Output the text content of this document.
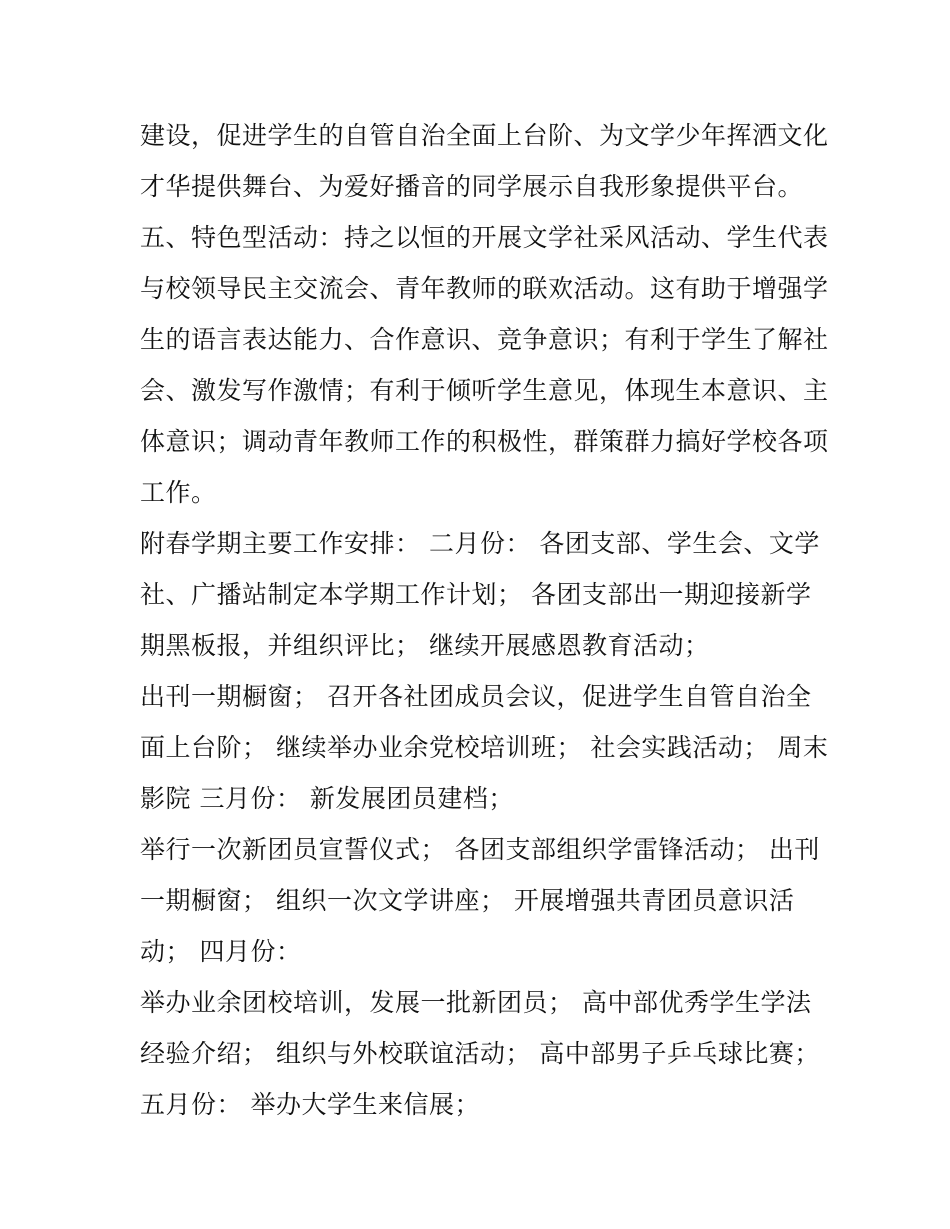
建设，促进学生的自管自治全面上台阶、为文学少年挥洒文化
才华提供舞台、为爱好播音的同学展示自我形象提供平台。
五、特色型活动：持之以恒的开展文学社采风活动、学生代表
与校领导民主交流会、青年教师的联欢活动。这有助于增强学
生的语言表达能力、合作意识、竞争意识；有利于学生了解社
会、激发写作激情；有利于倾听学生意见，体现生本意识、主
体意识；调动青年教师工作的积极性，群策群力搞好学校各项
工作。
附春学期主要工作安排： 二月份： 各团支部、学生会、文学
社、广播站制定本学期工作计划； 各团支部出一期迎接新学
期黑板报，并组织评比； 继续开展感恩教育活动；
出刊一期橱窗； 召开各社团成员会议，促进学生自管自治全
面上台阶； 继续举办业余党校培训班； 社会实践活动； 周末
影院 三月份： 新发展团员建档；
举行一次新团员宣誓仪式； 各团支部组织学雷锋活动； 出刊
一期橱窗； 组织一次文学讲座； 开展增强共青团员意识活
动； 四月份：
举办业余团校培训，发展一批新团员； 高中部优秀学生学法
经验介绍； 组织与外校联谊活动； 高中部男子乒乓球比赛；
五月份： 举办大学生来信展；
